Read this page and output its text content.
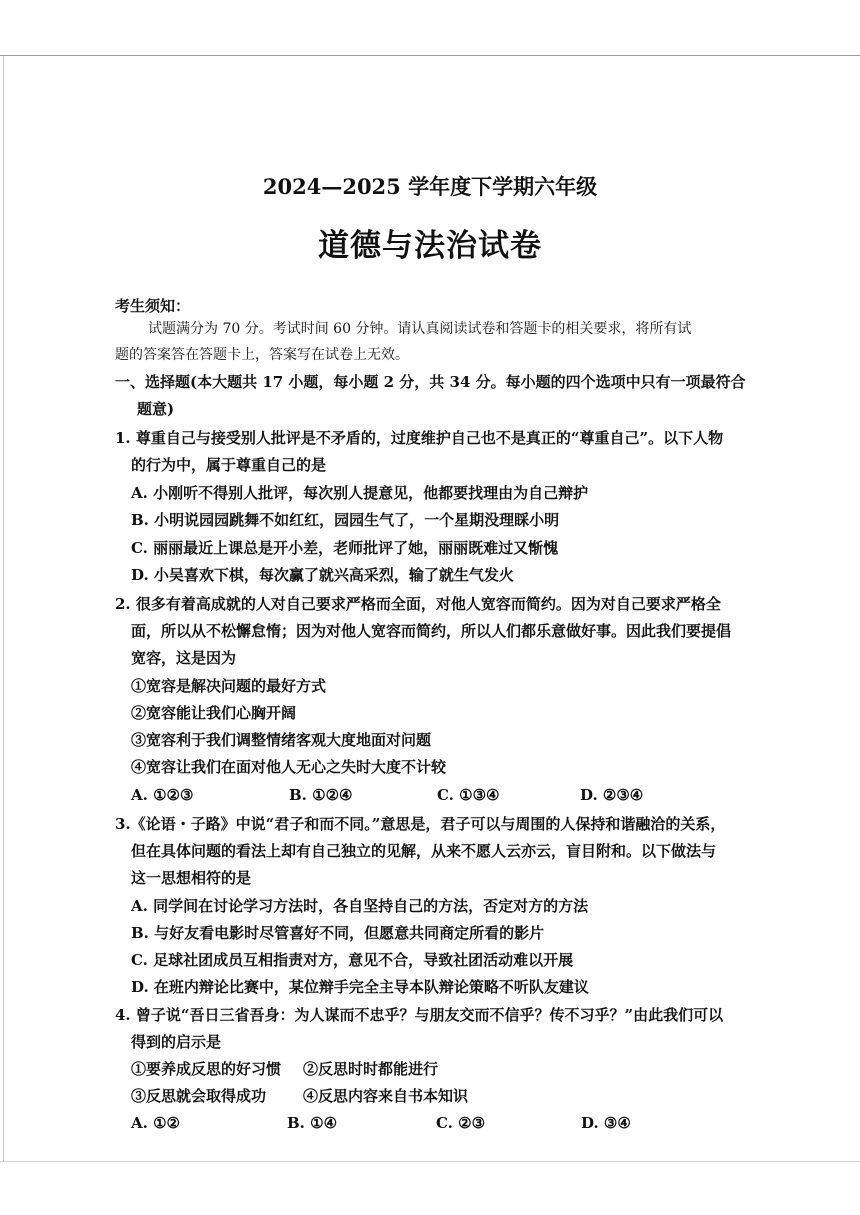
2024—2025 学年度下学期六年级
道德与法治试卷
考生须知：
试题满分为 70 分。考试时间 60 分钟。请认真阅读试卷和答题卡的相关要求，将所有试
题的答案答在答题卡上，答案写在试卷上无效。
一、选择题(本大题共 17 小题，每小题 2 分，共 34 分。每小题的四个选项中只有一项最符合
题意)
1. 尊重自己与接受别人批评是不矛盾的，过度维护自己也不是真正的“尊重自己”。以下人物
的行为中，属于尊重自己的是
A. 小刚听不得别人批评，每次别人提意见，他都要找理由为自己辩护
B. 小明说园园跳舞不如红红，园园生气了，一个星期没理睬小明
C. 丽丽最近上课总是开小差，老师批评了她，丽丽既难过又惭愧
D. 小吴喜欢下棋，每次赢了就兴高采烈，输了就生气发火
2. 很多有着高成就的人对自己要求严格而全面，对他人宽容而简约。因为对自己要求严格全
面，所以从不松懈怠惰；因为对他人宽容而简约，所以人们都乐意做好事。因此我们要提倡
宽容，这是因为
①宽容是解决问题的最好方式
②宽容能让我们心胸开阔
③宽容利于我们调整情绪客观大度地面对问题
④宽容让我们在面对他人无心之失时大度不计较
A. ①②③	B. ①②④	C. ①③④	D. ②③④
3.《论语・子路》中说“君子和而不同。”意思是，君子可以与周围的人保持和谐融洽的关系，
但在具体问题的看法上却有自己独立的见解，从来不愿人云亦云，盲目附和。以下做法与
这一思想相符的是
A. 同学间在讨论学习方法时，各自坚持自己的方法，否定对方的方法
B. 与好友看电影时尽管喜好不同，但愿意共同商定所看的影片
C. 足球社团成员互相指责对方，意见不合，导致社团活动难以开展
D. 在班内辩论比赛中，某位辩手完全主导本队辩论策略不听队友建议
4. 曾子说“吾日三省吾身：为人谋而不忠乎？与朋友交而不信乎？传不习乎？”由此我们可以
得到的启示是
①要养成反思的好习惯 ②反思时时都能进行
③反思就会取得成功 ④反思内容来自书本知识
A. ①②	B. ①④	C. ②③	D. ③④
